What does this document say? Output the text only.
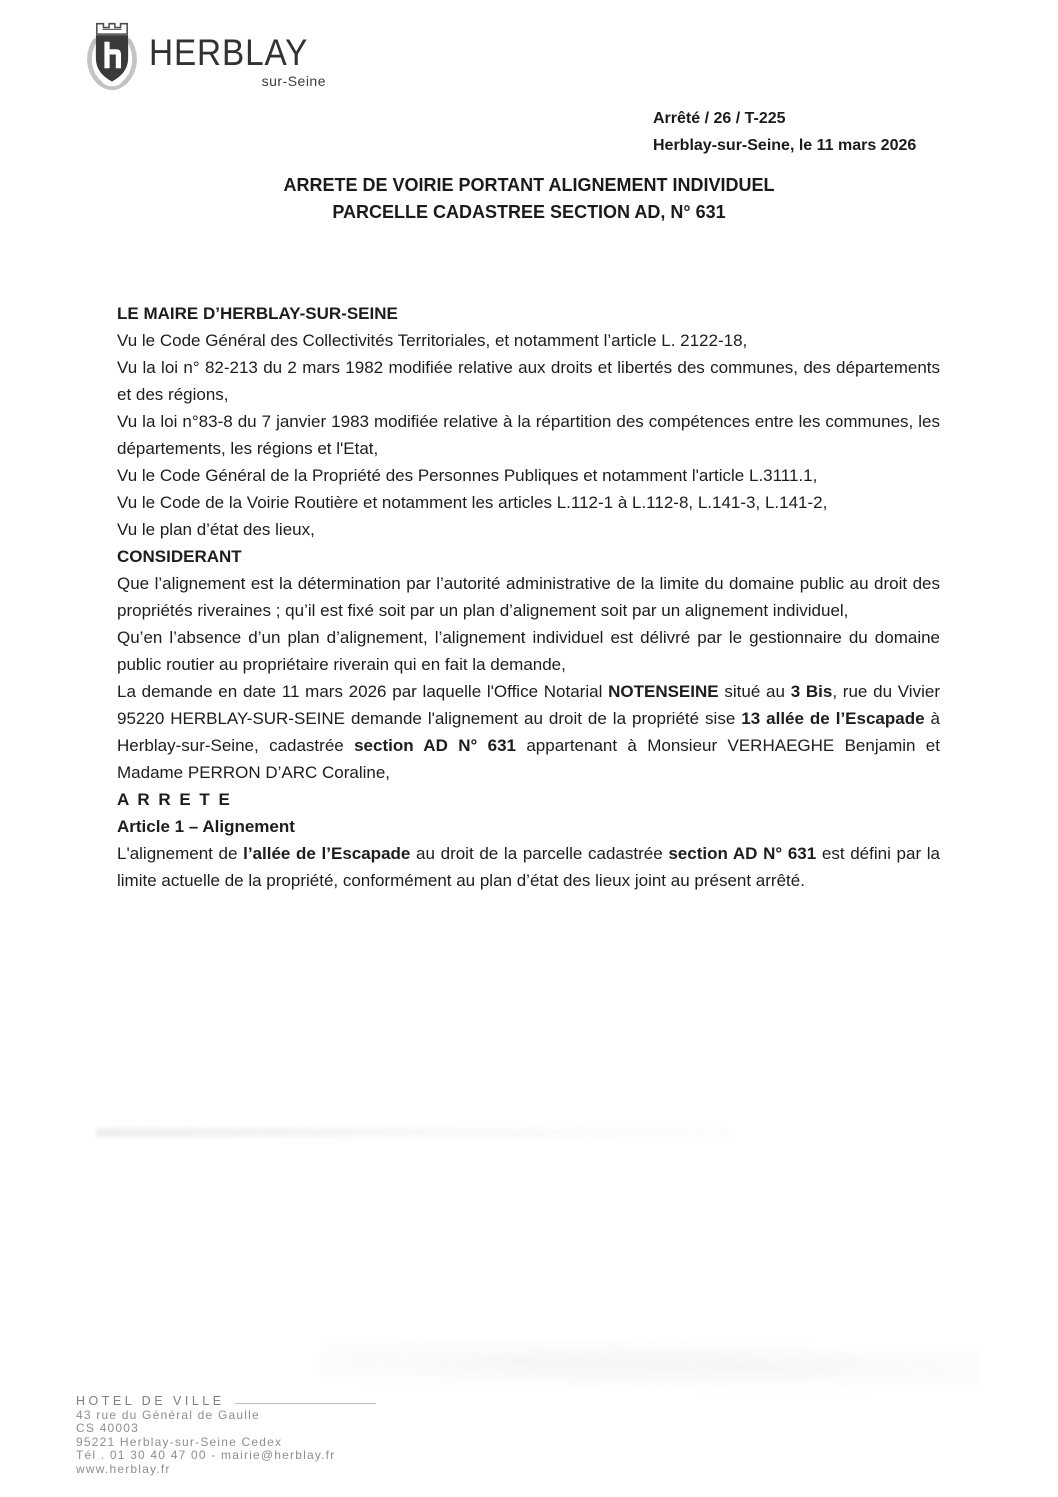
HERBLAY
sur-Seine
Arrêté / 26 / T-225
Herblay-sur-Seine, le 11 mars 2026
ARRETE DE VOIRIE PORTANT ALIGNEMENT INDIVIDUEL
PARCELLE CADASTREE SECTION AD, N° 631

LE MAIRE D’HERBLAY-SUR-SEINE

Vu le Code Général des Collectivités Territoriales, et notamment l’article L. 2122-18,

Vu la loi n° 82-213 du 2 mars 1982 modifiée relative aux droits et libertés des communes, des départements et des régions,

Vu la loi n°83-8 du 7 janvier 1983 modifiée relative à la répartition des compétences entre les communes, les départements, les régions et l'Etat,

Vu le Code Général de la Propriété des Personnes Publiques et notamment l'article L.3111.1,

Vu le Code de la Voirie Routière et notamment les articles L.112-1 à L.112-8, L.141-3, L.141-2,

Vu le plan d’état des lieux,

CONSIDERANT

Que l’alignement est la détermination par l’autorité administrative de la limite du domaine public au droit des propriétés riveraines ; qu’il est fixé soit par un plan d’alignement soit par un alignement individuel,

Qu’en l’absence d’un plan d’alignement, l’alignement individuel est délivré par le gestionnaire du domaine public routier au propriétaire riverain qui en fait la demande,

La demande en date 11 mars 2026 par laquelle l'Office Notarial NOTENSEINE situé au 3 Bis, rue du Vivier 95220 HERBLAY-SUR-SEINE demande l'alignement au droit de la propriété sise 13 allée de l’Escapade à Herblay-sur-Seine, cadastrée section AD N° 631 appartenant à Monsieur VERHAEGHE Benjamin et Madame PERRON D’ARC Coraline,

A R R E T E

Article 1 – Alignement

L'alignement de l’allée de l’Escapade au droit de la parcelle cadastrée section AD N° 631 est défini par la limite actuelle de la propriété, conformément au plan d’état des lieux joint au présent arrêté.

HOTEL DE VILLE
43 rue du Général de Gaulle
CS 40003
95221 Herblay-sur-Seine Cedex
Tél . 01 30 40 47 00 - mairie@herblay.fr
www.herblay.fr
